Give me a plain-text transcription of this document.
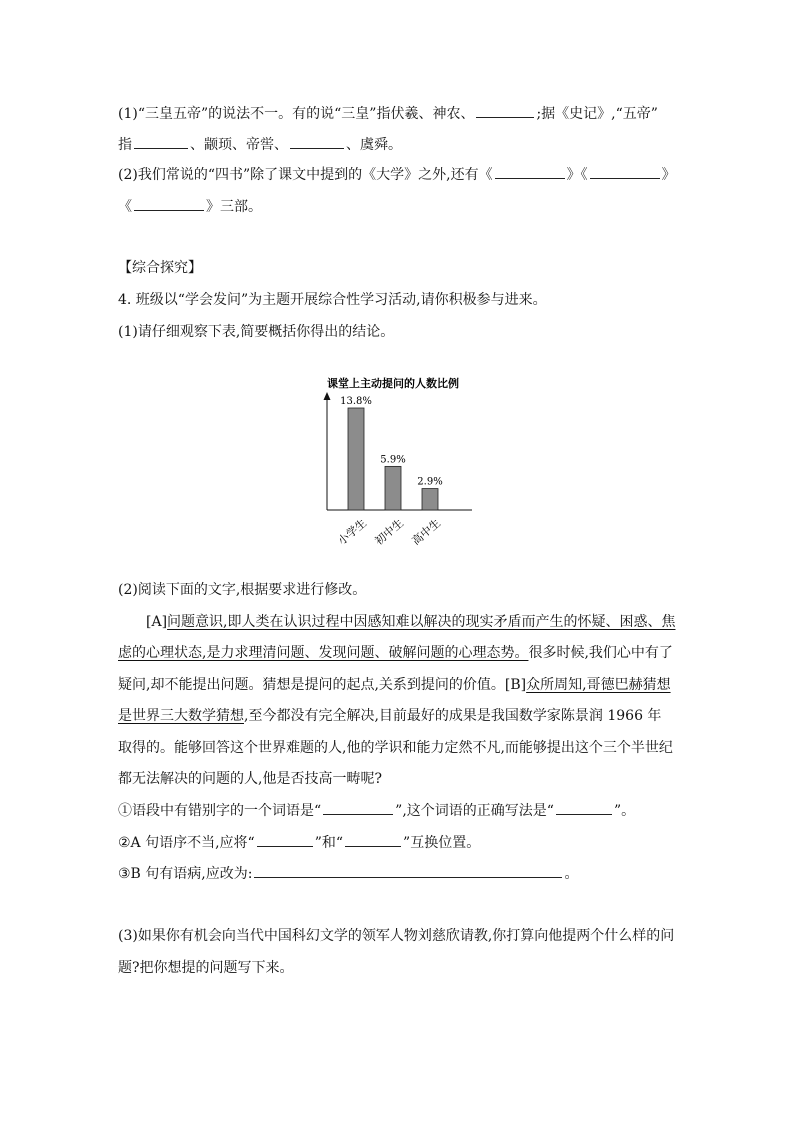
(1)“三皇五帝”的说法不一。有的说“三皇”指伏羲、神农、	;据《史记》,“五帝”
指	、颛顼、帝喾、	、虞舜。
(2)我们常说的“四书”除了课文中提到的《大学》之外,还有《	》《	》
《	》三部。
【综合探究】
4. 班级以“学会发问”为主题开展综合性学习活动,请你积极参与进来。
(1)请仔细观察下表,简要概括你得出的结论。
课堂上主动提问的人数比例
13.8%
小学生
5.9%
初中生
2.9%
高中生
(2)阅读下面的文字,根据要求进行修改。
[A]问题意识,即人类在认识过程中因感知难以解决的现实矛盾而产生的怀疑、困惑、焦
虑的心理状态,是力求理清问题、发现问题、破解问题的心理态势。很多时候,我们心中有了
疑问,却不能提出问题。猜想是提问的起点,关系到提问的价值。[B]众所周知,哥德巴赫猜想
是世界三大数学猜想,至今都没有完全解决,目前最好的成果是我国数学家陈景润 1966 年
取得的。能够回答这个世界难题的人,他的学识和能力定然不凡,而能够提出这个三个半世纪
都无法解决的问题的人,他是否技高一畴呢?
①语段中有错别字的一个词语是“	”,这个词语的正确写法是“	”。
②A 句语序不当,应将“	”和“	”互换位置。
③B 句有语病,应改为:	。
(3)如果你有机会向当代中国科幻文学的领军人物刘慈欣请教,你打算向他提两个什么样的问
题?把你想提的问题写下来。
